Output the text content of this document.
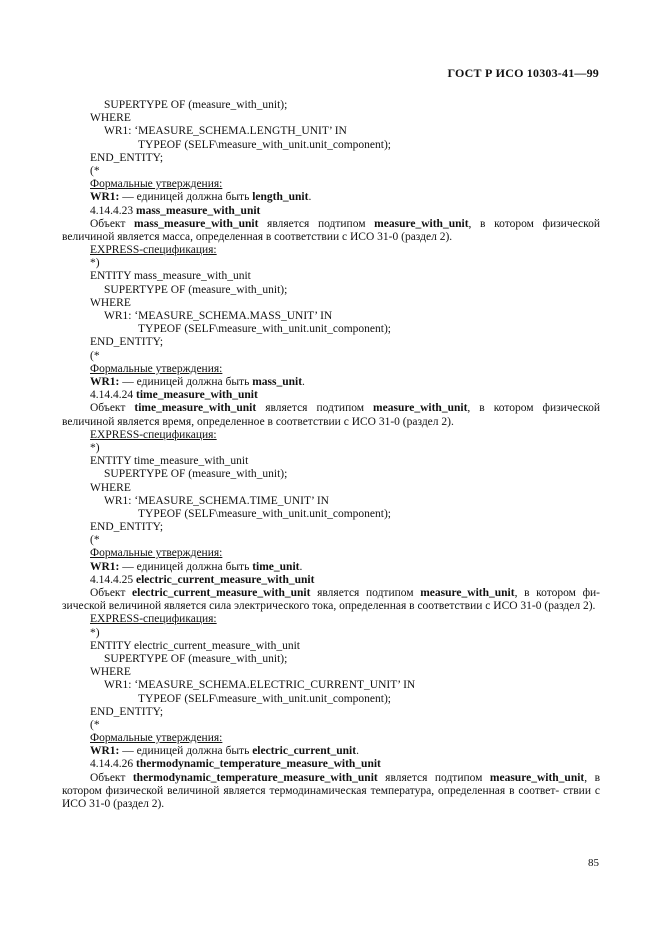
ГОСТ Р ИСО 10303-41—99
SUPERTYPE OF (measure_with_unit);
WHERE
WR1: ‘MEASURE_SCHEMA.LENGTH_UNIT’ IN
TYPEOF (SELF\measure_with_unit.unit_component);
END_ENTITY;
(*
Формальные утверждения:
WR1: — единицей должна быть length_unit.
4.14.4.23 mass_measure_with_unit
Объект mass_measure_with_unit является подтипом measure_with_unit, в котором физической величиной является масса, определенная в соответствии с ИСО 31-0 (раздел 2).
EXPRESS-спецификация:
*)
ENTITY mass_measure_with_unit
SUPERTYPE OF (measure_with_unit);
WHERE
WR1: ‘MEASURE_SCHEMA.MASS_UNIT’ IN
TYPEOF (SELF\measure_with_unit.unit_component);
END_ENTITY;
(*
Формальные утверждения:
WR1: — единицей должна быть mass_unit.
4.14.4.24 time_measure_with_unit
Объект time_measure_with_unit является подтипом measure_with_unit, в котором физической величиной является время, определенное в соответствии с ИСО 31-0 (раздел 2).
EXPRESS-спецификация:
*)
ENTITY time_measure_with_unit
SUPERTYPE OF (measure_with_unit);
WHERE
WR1: ‘MEASURE_SCHEMA.TIME_UNIT’ IN
TYPEOF (SELF\measure_with_unit.unit_component);
END_ENTITY;
(*
Формальные утверждения:
WR1: — единицей должна быть time_unit.
4.14.4.25 electric_current_measure_with_unit
Объект electric_current_measure_with_unit является подтипом measure_with_unit, в котором фи- зической величиной является сила электрического тока, определенная в соответствии с ИСО 31-0 (раздел 2).
EXPRESS-спецификация:
*)
ENTITY electric_current_measure_with_unit
SUPERTYPE OF (measure_with_unit);
WHERE
WR1: ‘MEASURE_SCHEMA.ELECTRIC_CURRENT_UNIT’ IN
TYPEOF (SELF\measure_with_unit.unit_component);
END_ENTITY;
(*
Формальные утверждения:
WR1: — единицей должна быть electric_current_unit.
4.14.4.26 thermodynamic_temperature_measure_with_unit
Объект thermodynamic_temperature_measure_with_unit является подтипом measure_with_unit, в котором физической величиной является термодинамическая температура, определенная в соответ- ствии с ИСО 31-0 (раздел 2).
85
